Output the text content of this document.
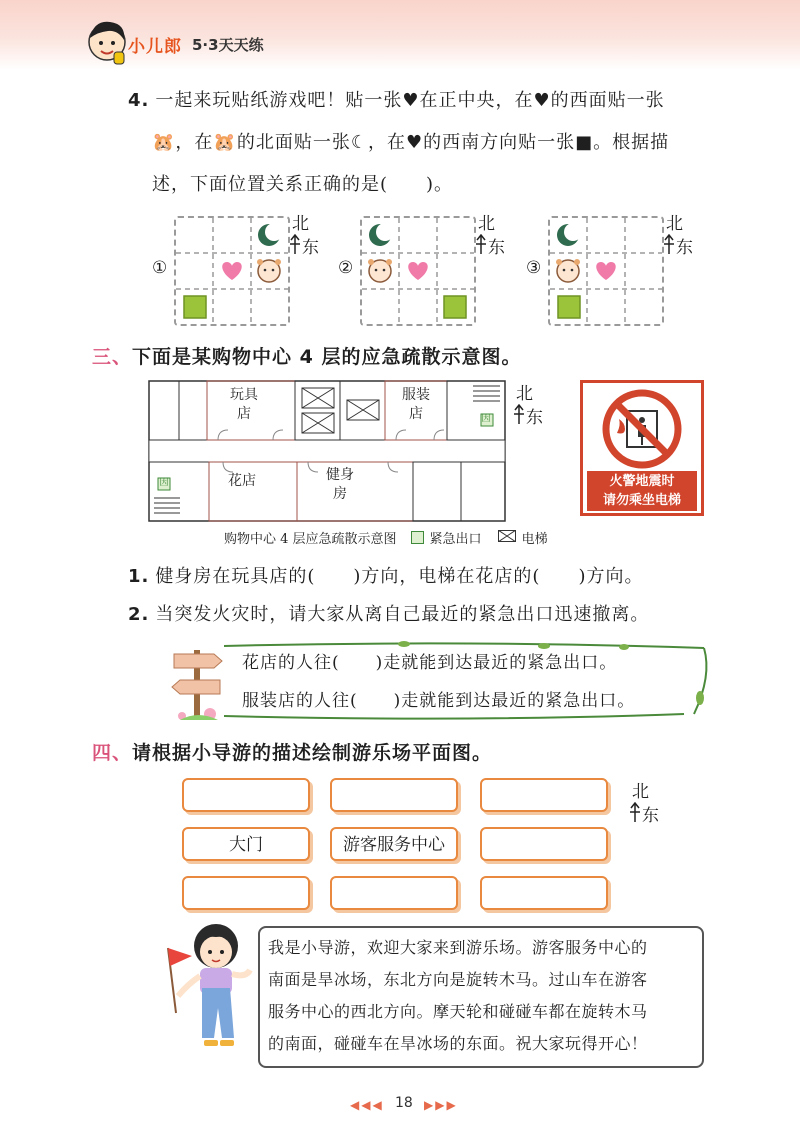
小儿郎 5·3天天练
4. 一起来玩贴纸游戏吧！贴一张♥在正中央，在♥的西面贴一张
🐹，在🐹的北面贴一张☾，在♥的西南方向贴一张■。根据描
述，下面位置关系正确的是(　　)。
①
北
东
②
北
东
③
北
东
三、下面是某购物中心 4 层的应急疏散示意图。
玩具店
服装店
花店	健身房
因
因
北
东
购物中心 4 层应急疏散示意图	紧急出口	电梯
火警地震时
请勿乘坐电梯
1. 健身房在玩具店的(　　)方向，电梯在花店的(　　)方向。
2. 当突发火灾时，请大家从离自己最近的紧急出口迅速撤离。
花店的人往(　　)走就能到达最近的紧急出口。
服装店的人往(　　)走就能到达最近的紧急出口。
四、请根据小导游的描述绘制游乐场平面图。
大门	游客服务中心
北
东
我是小导游，欢迎大家来到游乐场。游客服务中心的
南面是旱冰场，东北方向是旋转木马。过山车在游客
服务中心的西北方向。摩天轮和碰碰车都在旋转木马
的南面，碰碰车在旱冰场的东面。祝大家玩得开心！
◀◀◀ 18 ▶▶▶
